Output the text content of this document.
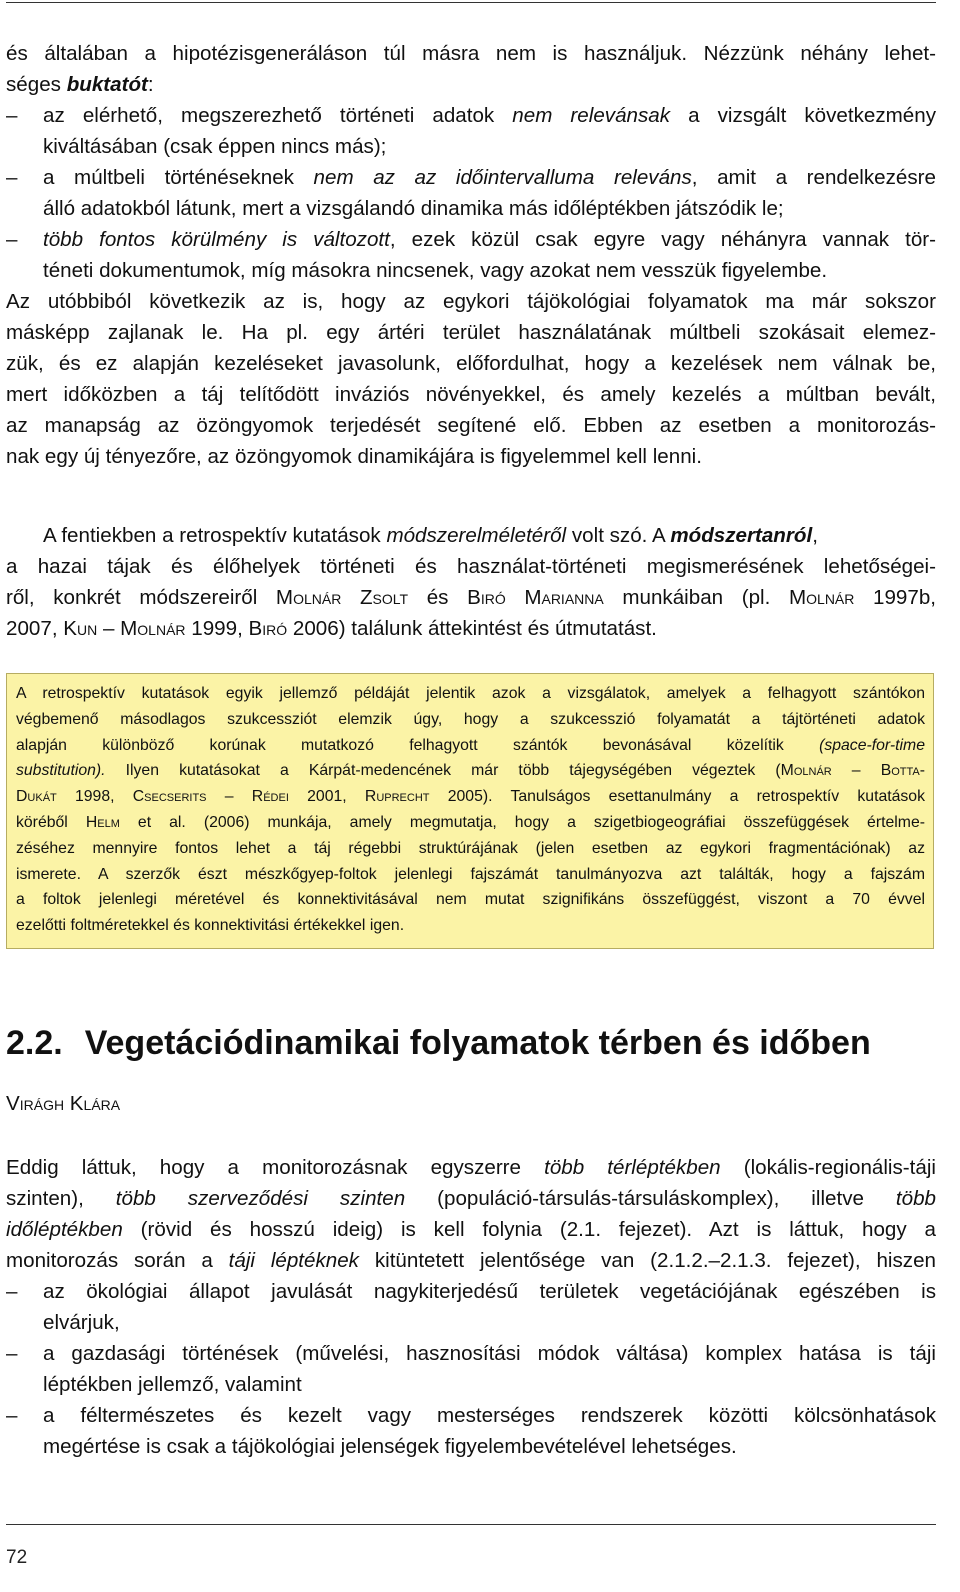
és általában a hipotézisgeneráláson túl másra nem is használjuk. Nézzünk néhány lehet-
séges buktatót:
– az elérhető, megszerezhető történeti adatok nem relevánsak a vizsgált következmény
kiváltásában (csak éppen nincs más);
– a múltbeli történéseknek nem az az időintervalluma releváns, amit a rendelkezésre
álló adatokból látunk, mert a vizsgálandó dinamika más időléptékben játszódik le;
– több fontos körülmény is változott, ezek közül csak egyre vagy néhányra vannak tör-
téneti dokumentumok, míg másokra nincsenek, vagy azokat nem vesszük figyelembe.
Az utóbbiból következik az is, hogy az egykori tájökológiai folyamatok ma már sokszor
másképp zajlanak le. Ha pl. egy ártéri terület használatának múltbeli szokásait elemez-
zük, és ez alapján kezeléseket javasolunk, előfordulhat, hogy a kezelések nem válnak be,
mert időközben a táj telítődött inváziós növényekkel, és amely kezelés a múltban bevált,
az manapság az özöngyomok terjedését segítené elő. Ebben az esetben a monitorozás-
nak egy új tényezőre, az özöngyomok dinamikájára is figyelemmel kell lenni.
A fentiekben a retrospektív kutatások módszerelméletéről volt szó. A módszertanról,
a hazai tájak és élőhelyek történeti és használat-történeti megismerésének lehetőségei-
ről, konkrét módszereiről Molnár Zsolt és Biró Marianna munkáiban (pl. Molnár 1997b,
2007, Kun – Molnár 1999, Biró 2006) találunk áttekintést és útmutatást.
A retrospektív kutatások egyik jellemző példáját jelentik azok a vizsgálatok, amelyek a felhagyott szántókon
végbemenő másodlagos szukcessziót elemzik úgy, hogy a szukcesszió folyamatát a tájtörténeti adatok
alapján különböző korúnak mutatkozó felhagyott szántók bevonásával közelítik (space-for-time
substitution). Ilyen kutatásokat a Kárpát-medencének már több tájegységében végeztek (Molnár – Botta-
Dukát 1998, Csecserits – Rédei 2001, Ruprecht 2005). Tanulságos esettanulmány a retrospektív kutatások
köréből Helm et al. (2006) munkája, amely megmutatja, hogy a szigetbiogeográfiai összefüggések értelme-
zéséhez mennyire fontos lehet a táj régebbi struktúrájának (jelen esetben az egykori fragmentációnak) az
ismerete. A szerzők észt mészkőgyep-foltok jelenlegi fajszámát tanulmányozva azt találták, hogy a fajszám
a foltok jelenlegi méretével és konnektivitásával nem mutat szignifikáns összefüggést, viszont a 70 évvel
ezelőtti foltméretekkel és konnektivitási értékekkel igen.
2.2. Vegetációdinamikai folyamatok térben és időben
Virágh Klára
Eddig láttuk, hogy a monitorozásnak egyszerre több térléptékben (lokális-regionális-táji
szinten), több szerveződési szinten (populáció-társulás-társuláskomplex), illetve több
időléptékben (rövid és hosszú ideig) is kell folynia (2.1. fejezet). Azt is láttuk, hogy a
monitorozás során a táji léptéknek kitüntetett jelentősége van (2.1.2.–2.1.3. fejezet), hiszen
– az ökológiai állapot javulását nagykiterjedésű területek vegetációjának egészében is
elvárjuk,
– a gazdasági történések (művelési, hasznosítási módok váltása) komplex hatása is táji
léptékben jellemző, valamint
– a féltermészetes és kezelt vagy mesterséges rendszerek közötti kölcsönhatások
megértése is csak a tájökológiai jelenségek figyelembevételével lehetséges.
72
